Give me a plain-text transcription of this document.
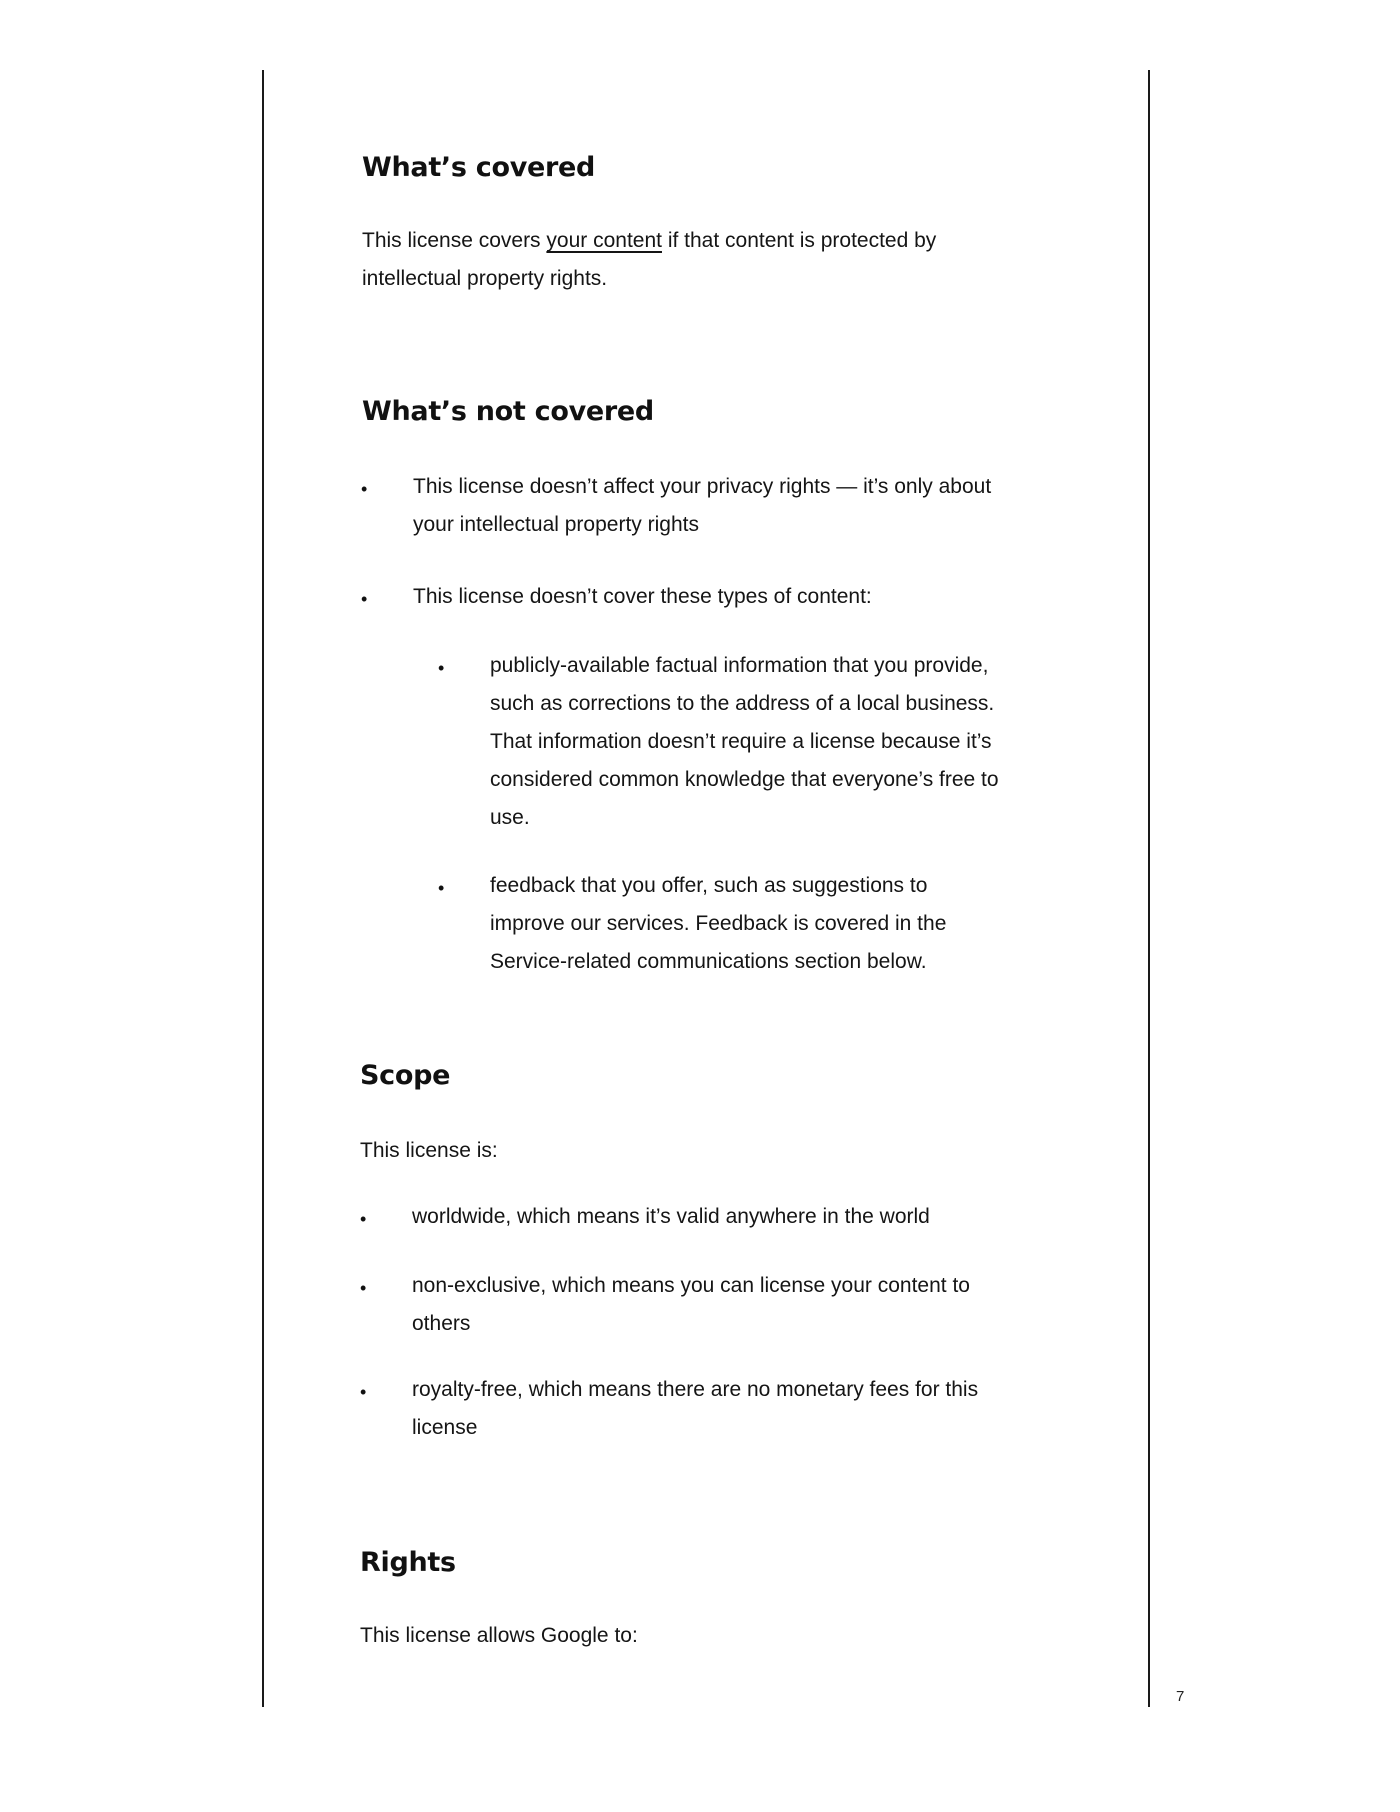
What’s covered

This license covers your content if that content is protected by
intellectual property rights.

What’s not covered
• This license doesn’t affect your privacy rights — it’s only about
your intellectual property rights

• This license doesn’t cover these types of content:

• publicly-available factual information that you provide,
such as corrections to the address of a local business.
That information doesn’t require a license because it’s
considered common knowledge that everyone’s free to
use.

• feedback that you offer, such as suggestions to
improve our services. Feedback is covered in the
Service-related communications section below.

Scope

This license is:

• worldwide, which means it’s valid anywhere in the world

• non-exclusive, which means you can license your content to
others

• royalty-free, which means there are no monetary fees for this
license

Rights

This license allows Google to:

7
